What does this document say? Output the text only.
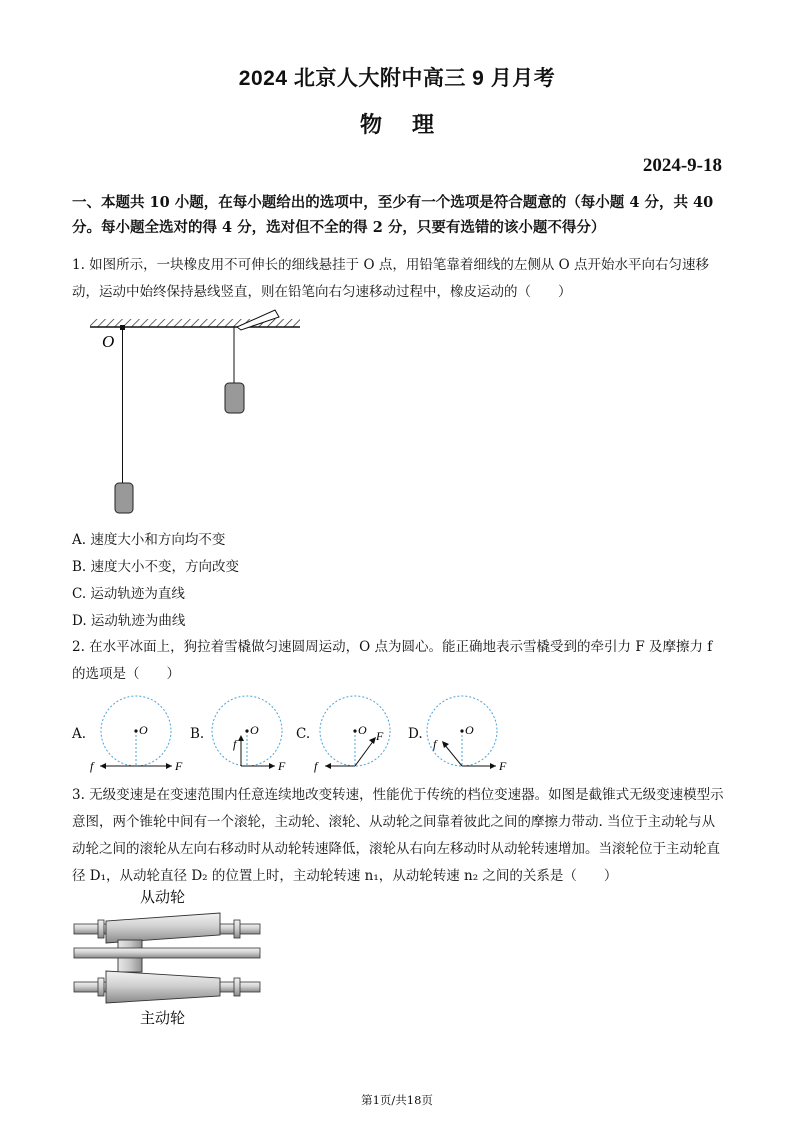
2024 北京人大附中高三 9 月月考
物理
2024-9-18
一、本题共 10 小题，在每小题给出的选项中，至少有一个选项是符合题意的（每小题 4 分，共 40 分。每小题全选对的得 4 分，选对但不全的得 2 分，只要有选错的该小题不得分）
1. 如图所示，一块橡皮用不可伸长的细线悬挂于 O 点，用铅笔靠着细线的左侧从 O 点开始水平向右匀速移动，运动中始终保持悬线竖直，则在铅笔向右匀速移动过程中，橡皮运动的（　　）
O
A. 速度大小和方向均不变
B. 速度大小不变，方向改变
C. 运动轨迹为直线
D. 运动轨迹为曲线
2. 在水平冰面上，狗拉着雪橇做匀速圆周运动，O 点为圆心。能正确地表示雪橇受到的牵引力 F 及摩擦力 f 的选项是（　　）
A.	O
f	F
B.	O
f
F
C.	O
f
F D.	O
f
F
3. 无级变速是在变速范围内任意连续地改变转速，性能优于传统的档位变速器。如图是截锥式无级变速模型示意图，两个锥轮中间有一个滚轮，主动轮、滚轮、从动轮之间靠着彼此之间的摩擦力带动. 当位于主动轮与从动轮之间的滚轮从左向右移动时从动轮转速降低，滚轮从右向左移动时从动轮转速增加。当滚轮位于主动轮直径 D₁，从动轮直径 D₂ 的位置上时，主动轮转速 n₁，从动轮转速 n₂ 之间的关系是（　　）
从动轮
主动轮
第1页/共18页
